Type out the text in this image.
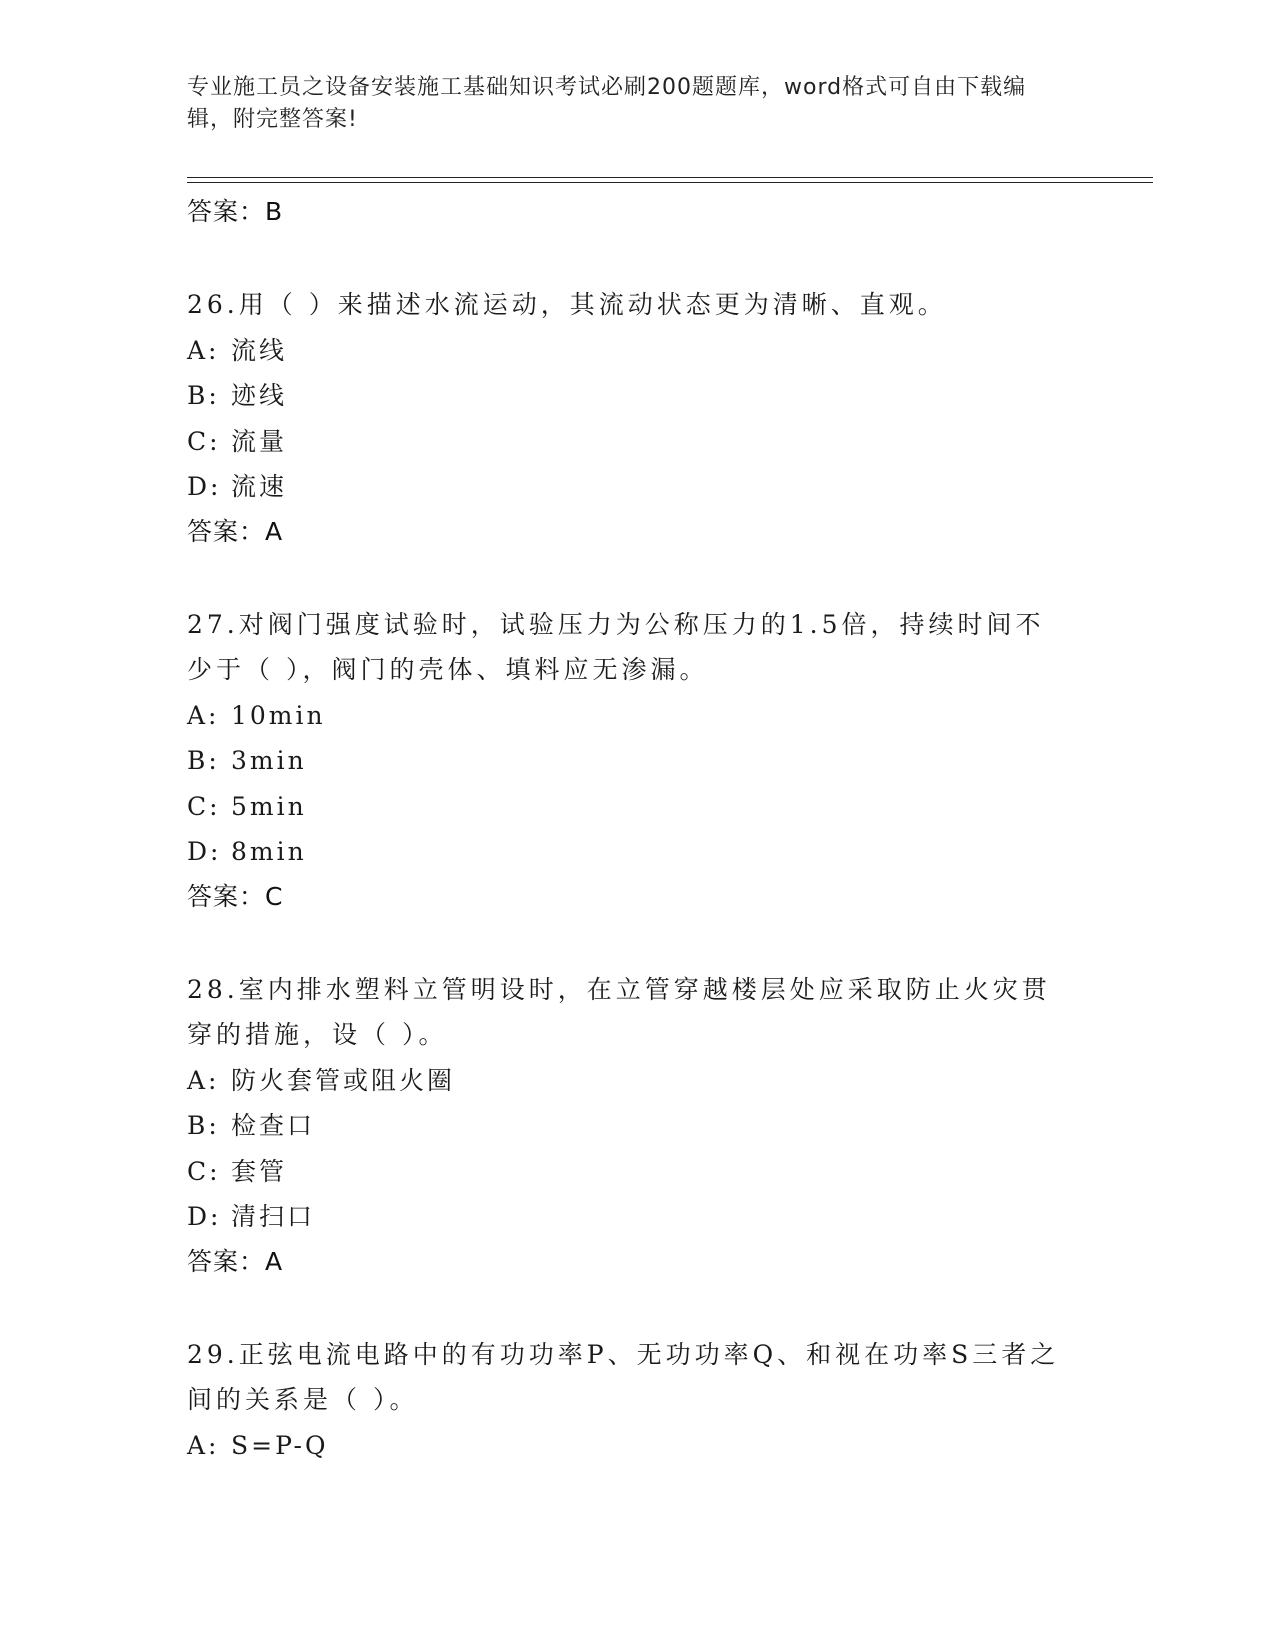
专业施工员之设备安装施工基础知识考试必刷200题题库，word格式可自由下载编辑，附完整答案!
答案：B
26.用（ ）来描述水流运动，其流动状态更为清晰、直观。
A: 流线
B: 迹线
C: 流量
D: 流速
答案：A
27.对阀门强度试验时，试验压力为公称压力的1.5倍，持续时间不少于（ ），阀门的壳体、填料应无渗漏。
A: 10min
B: 3min
C: 5min
D: 8min
答案：C
28.室内排水塑料立管明设时，在立管穿越楼层处应采取防止火灾贯穿的措施，设（ ）。
A: 防火套管或阻火圈
B: 检查口
C: 套管
D: 清扫口
答案：A
29.正弦电流电路中的有功功率P、无功功率Q、和视在功率S三者之间的关系是（ ）。
A: S=P-Q
